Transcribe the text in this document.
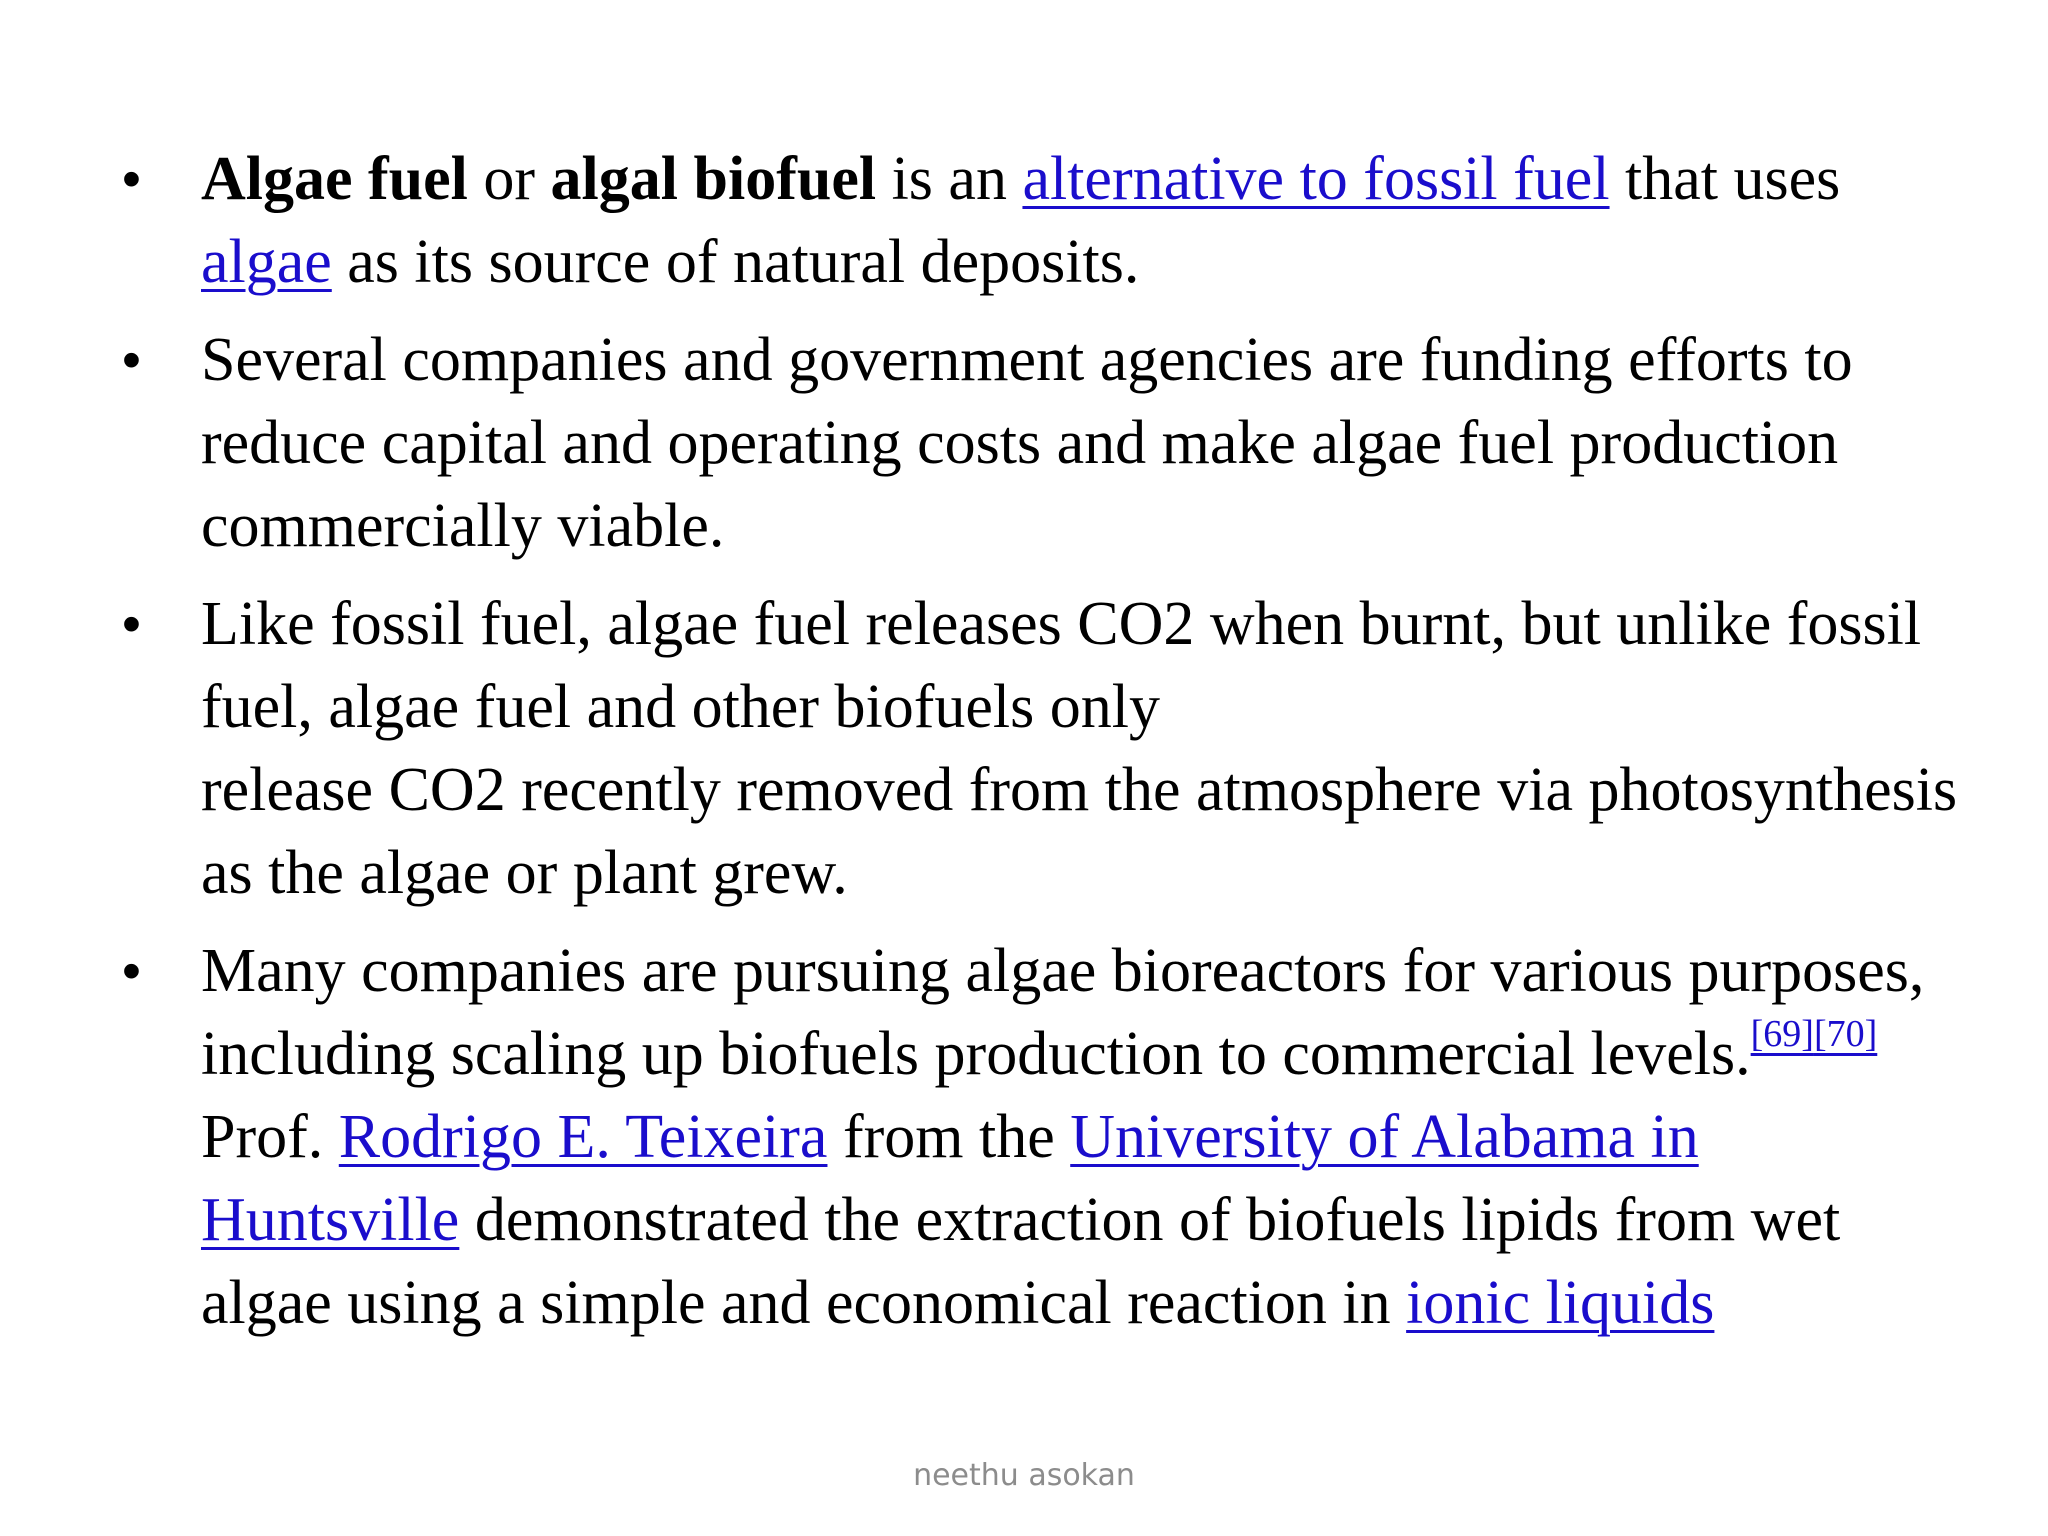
• Algae fuel or algal biofuel is an alternative to fossil fuel that uses algae as its source of natural deposits.
• Several companies and government agencies are funding efforts to reduce capital and operating costs and make algae fuel production commercially viable.
• Like fossil fuel, algae fuel releases CO2 when burnt, but unlike fossil fuel, algae fuel and other biofuels only
release CO2 recently removed from the atmosphere via photosynthesis as the algae or plant grew.
• Many companies are pursuing algae bioreactors for various purposes, including scaling up biofuels production to commercial levels.[69][70] Prof. Rodrigo E. Teixeira from the University of Alabama in Huntsville demonstrated the extraction of biofuels lipids from wet algae using a simple and economical reaction in ionic liquids
neethu asokan
